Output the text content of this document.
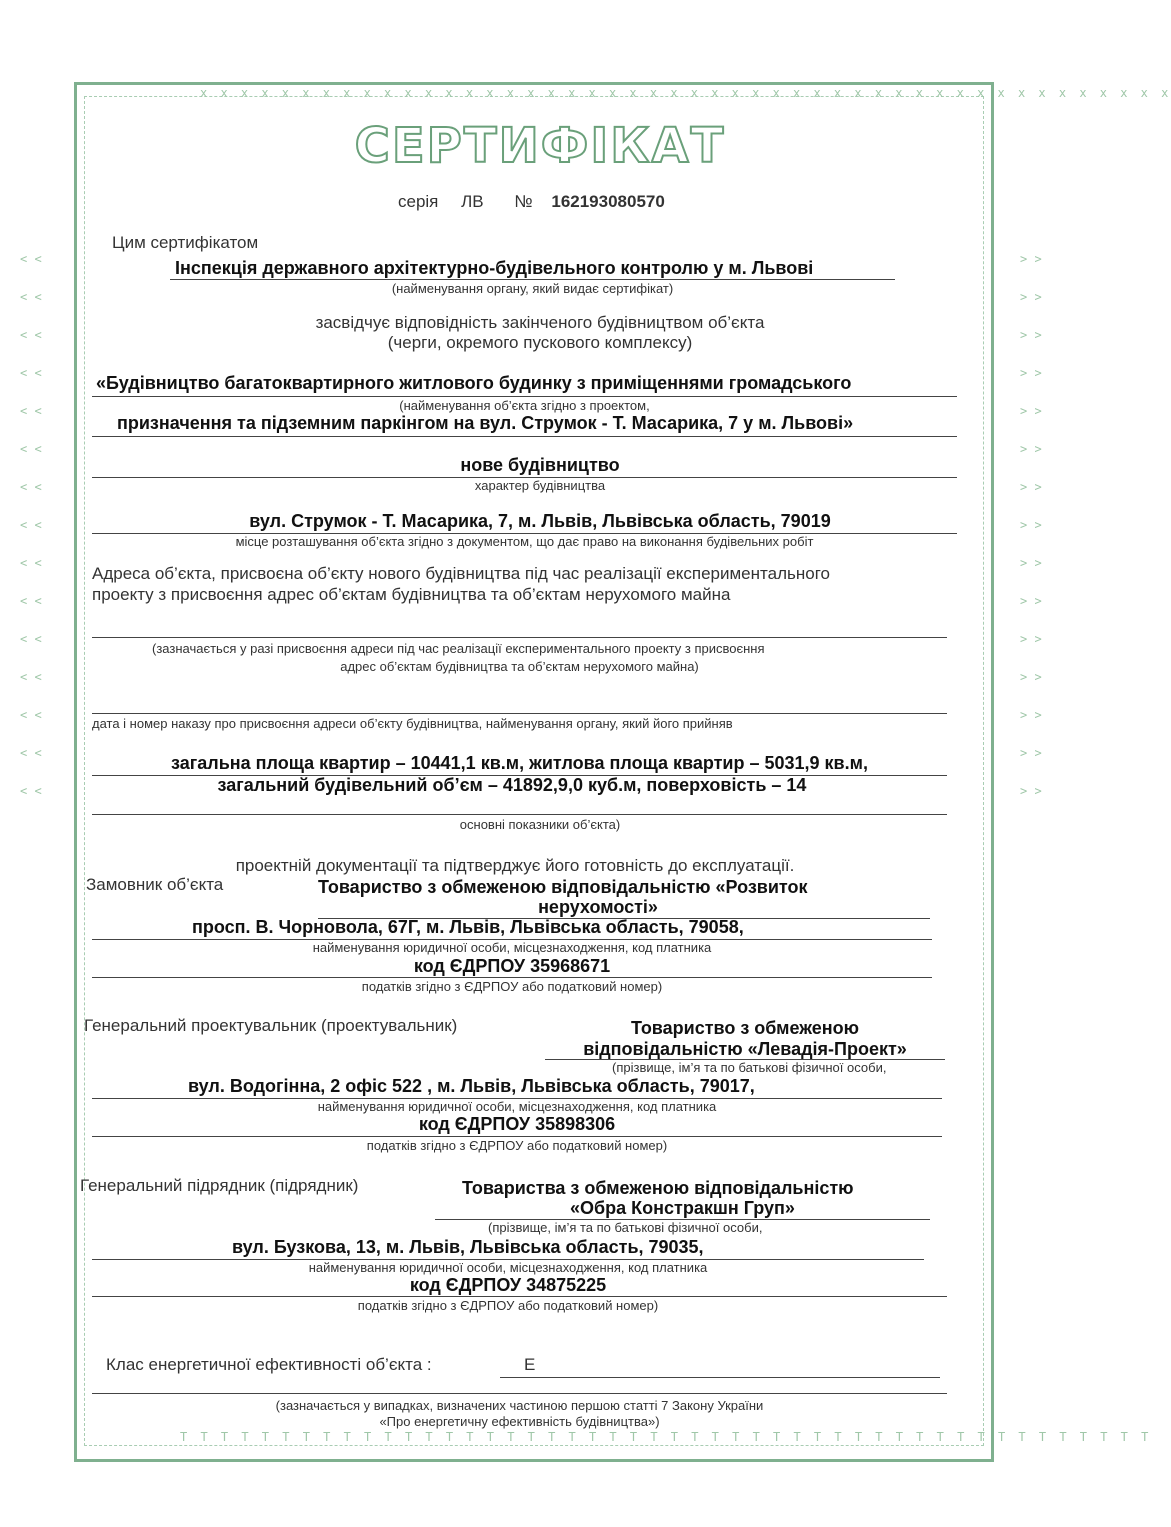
x x x x x x x x x x x x x x x x x x x x x x x x x x x x x x x x x x x x x x x x x x x x x x x x
T T T T T T T T T T T T T T T T T T T T T T T T T T T T T T T T T T T T T T T T T T T T T T T T
< < < < < < < < < < < < < < < < < < < < < < < < < < < < < <
> > > > > > > > > > > > > > > > > > > > > > > > > > > > > >
СЕРТИФІКАТ
серія ЛВ № 162193080570
Цим сертифікатом
Інспекція державного архітектурно-будівельного контролю у м. Львові
(найменування органу, який видає сертифікат)
засвідчує відповідність закінченого будівництвом об’єкта
(черги, окремого пускового комплексу)
«Будівництво багатоквартирного житлового будинку з приміщеннями громадського
(найменування об’єкта згідно з проектом,
призначення та підземним паркінгом на вул. Струмок - Т. Масарика, 7 у м. Львові»
нове будівництво
характер будівництва
вул. Струмок - Т. Масарика, 7, м. Львів, Львівська область, 79019
місце розташування об’єкта згідно з документом, що дає право на виконання будівельних робіт
Адреса об’єкта, присвоєна об’єкту нового будівництва під час реалізації експериментального
проекту з присвоєння адрес об’єктам будівництва та об’єктам нерухомого майна
(зазначається у разі присвоєння адреси під час реалізації експериментального проекту з присвоєння
адрес об’єктам будівництва та об’єктам нерухомого майна)
дата і номер наказу про присвоєння адреси об’єкту будівництва, найменування органу, який його прийняв
загальна площа квартир – 10441,1 кв.м, житлова площа квартир – 5031,9 кв.м,
загальний будівельний об’єм – 41892,9,0 куб.м, поверховість – 14
основні показники об’єкта)
проектній документації та підтверджує його готовність до експлуатації.
Замовник об’єкта	Товариство з обмеженою відповідальністю «Розвиток
нерухомості»
просп. В. Чорновола, 67Г, м. Львів, Львівська область, 79058,
найменування юридичної особи, місцезнаходження, код платника
код ЄДРПОУ 35968671
податків згідно з ЄДРПОУ або податковий номер)
Генеральний проектувальник (проектувальник)	Товариство з обмеженою
відповідальністю «Левадія-Проект»
(прізвище, ім’я та по батькові фізичної особи,
вул. Водогінна, 2 офіс 522 , м. Львів, Львівська область, 79017,
найменування юридичної особи, місцезнаходження, код платника
код ЄДРПОУ 35898306
податків згідно з ЄДРПОУ або податковий номер)
Генеральний підрядник (підрядник)	Товариства з обмеженою відповідальністю
«Обра Констракшн Груп»
(прізвище, ім’я та по батькові фізичної особи,
вул. Бузкова, 13, м. Львів, Львівська область, 79035,
найменування юридичної особи, місцезнаходження, код платника
код ЄДРПОУ 34875225
податків згідно з ЄДРПОУ або податковий номер)
Клас енергетичної ефективності об’єкта :	Е
(зазначається у випадках, визначених частиною першою статті 7 Закону України
«Про енергетичну ефективність будівництва»)
